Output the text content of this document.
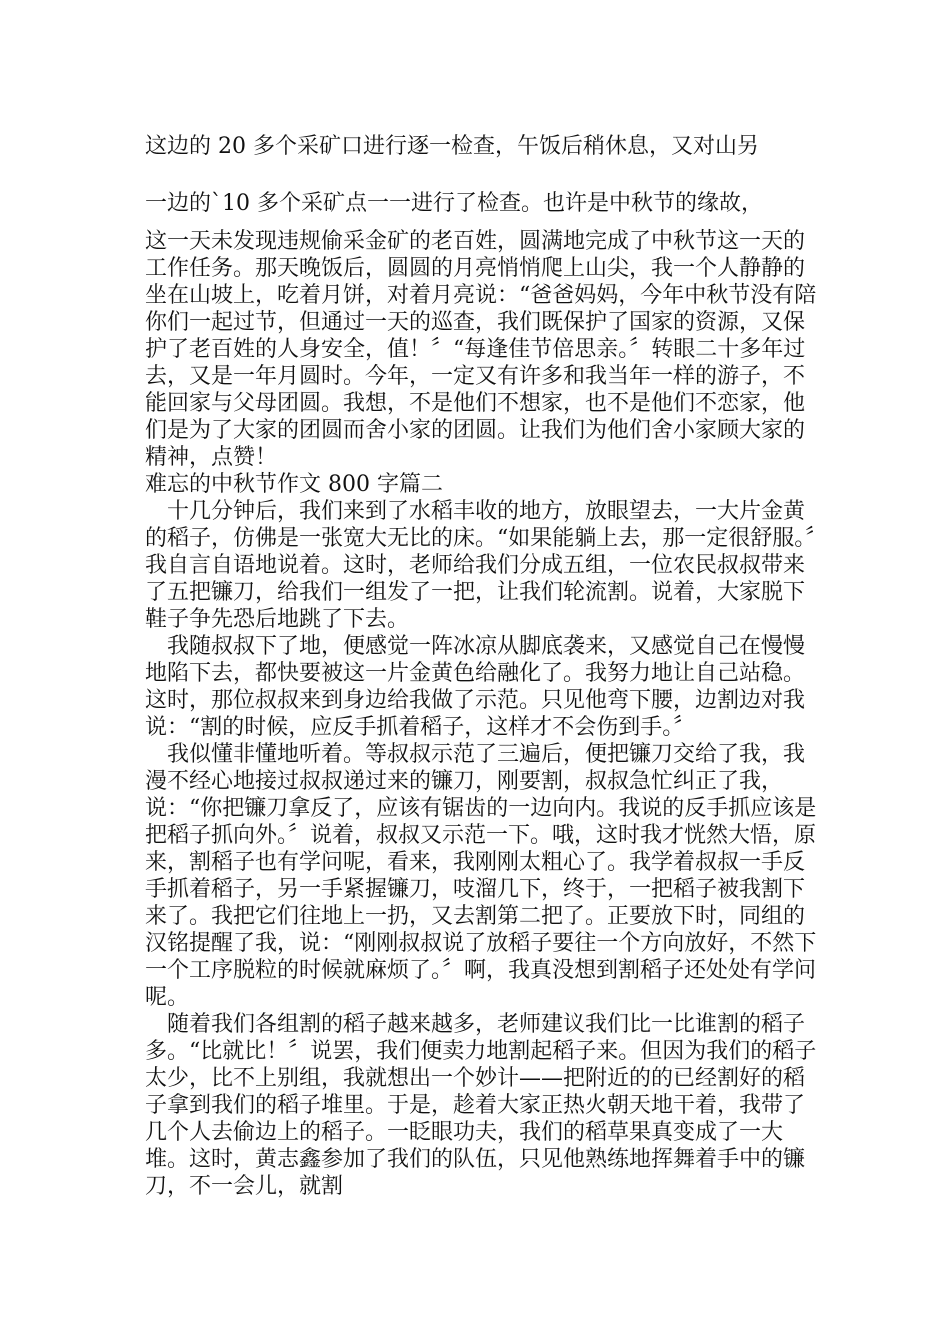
这边的 20 多个采矿口进行逐一检查，午饭后稍休息，又对山另

一边的`10 多个采矿点一一进行了检查。也许是中秋节的缘故，

这一天未发现违规偷采金矿的老百姓，圆满地完成了中秋节这一天的工作任务。那天晚饭后，圆圆的月亮悄悄爬上山尖，我一个人静静的坐在山坡上，吃着月饼，对着月亮说：“爸爸妈妈，今年中秋节没有陪你们一起过节，但通过一天的巡查，我们既保护了国家的资源，又保护了老百姓的人身安全，值！〞“每逢佳节倍思亲。〞转眼二十多年过去，又是一年月圆时。今年，一定又有许多和我当年一样的游子，不能回家与父母团圆。我想，不是他们不想家，也不是他们不恋家，他们是为了大家的团圆而舍小家的团圆。让我们为他们舍小家顾大家的精神，点赞！

难忘的中秋节作文 800 字篇二

十几分钟后，我们来到了水稻丰收的地方，放眼望去，一大片金黄的稻子，仿佛是一张宽大无比的床。“如果能躺上去，那一定很舒服。〞我自言自语地说着。这时，老师给我们分成五组，一位农民叔叔带来了五把镰刀，给我们一组发了一把，让我们轮流割。说着，大家脱下鞋子争先恐后地跳了下去。

我随叔叔下了地，便感觉一阵冰凉从脚底袭来，又感觉自己在慢慢地陷下去，都快要被这一片金黄色给融化了。我努力地让自己站稳。这时，那位叔叔来到身边给我做了示范。只见他弯下腰，边割边对我说：“割的时候，应反手抓着稻子，这样才不会伤到手。〞

我似懂非懂地听着。等叔叔示范了三遍后，便把镰刀交给了我，我漫不经心地接过叔叔递过来的镰刀，刚要割，叔叔急忙纠正了我，说：“你把镰刀拿反了，应该有锯齿的一边向内。我说的反手抓应该是把稻子抓向外。〞说着，叔叔又示范一下。哦，这时我才恍然大悟，原来，割稻子也有学问呢，看来，我刚刚太粗心了。我学着叔叔一手反手抓着稻子，另一手紧握镰刀，吱溜几下，终于，一把稻子被我割下来了。我把它们往地上一扔，又去割第二把了。正要放下时，同组的汉铭提醒了我，说：“刚刚叔叔说了放稻子要往一个方向放好，不然下一个工序脱粒的时候就麻烦了。〞啊，我真没想到割稻子还处处有学问呢。

随着我们各组割的稻子越来越多，老师建议我们比一比谁割的稻子多。“比就比！〞说罢，我们便卖力地割起稻子来。但因为我们的稻子太少，比不上别组，我就想出一个妙计——把附近的的已经割好的稻子拿到我们的稻子堆里。于是，趁着大家正热火朝天地干着，我带了几个人去偷边上的稻子。一眨眼功夫，我们的稻草果真变成了一大堆。这时，黄志鑫参加了我们的队伍，只见他熟练地挥舞着手中的镰刀，不一会儿，就割
